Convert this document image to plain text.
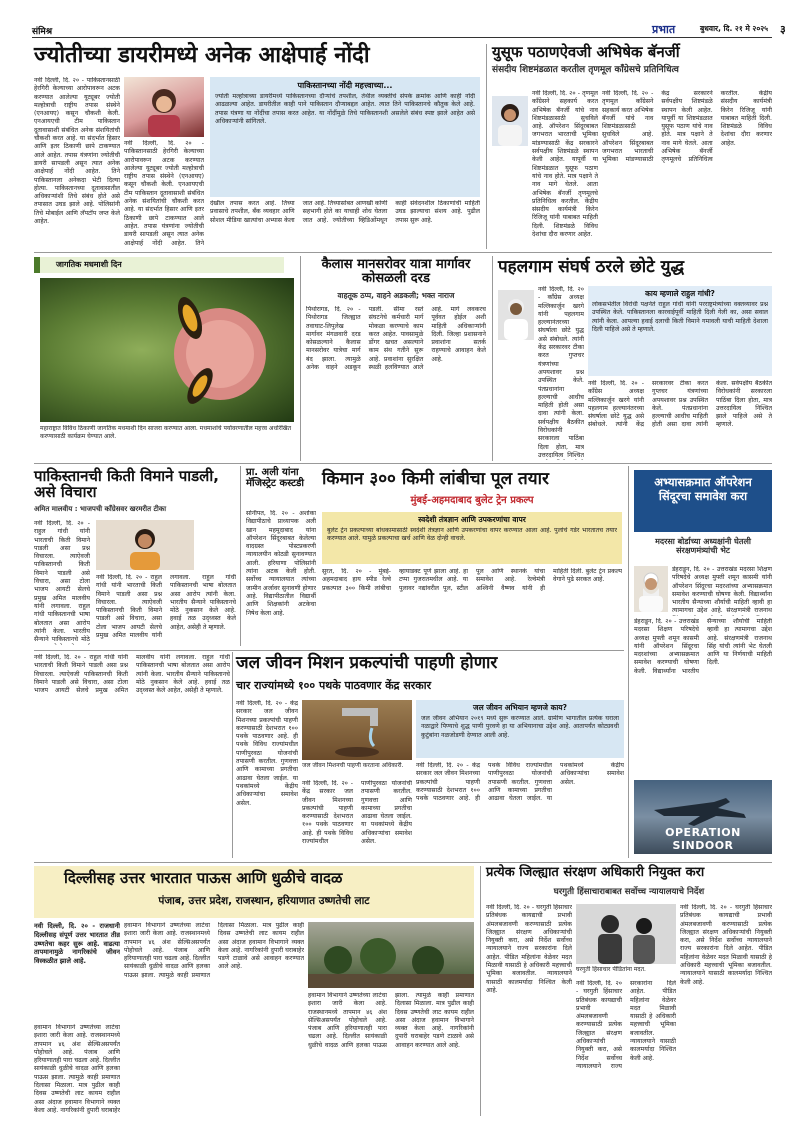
संमिश्र	प्रभात	बुधवार, दि. २१ मे २०२५ ३
ज्योतीच्या डायरीमध्ये अनेक आक्षेपार्ह नोंदी
नवी दिल्ली, दि. २० - पाकिस्तानसाठी हेरगिरी केल्याच्या आरोपावरून अटक करण्यात आलेल्या यूट्यूबर ज्योती मल्होत्राची राष्ट्रीय तपास संस्थेने (एनआयए) कसून चौकशी केली. एनआयएची टीम पाकिस्तान दूतावासाशी संबंधित अनेक संशयितांची चौकशी करत आहे. या संदर्भात हिसार आणि इतर ठिकाणी छापे टाकण्यात आले आहेत. तपास यंत्रणांना ज्योतीची डायरी सापडली असून त्यात अनेक आक्षेपार्ह नोंदी आहेत. तिने पाकिस्तानला अनेकदा भेटी दिल्या होत्या. पाकिस्तानच्या दूतावासातील अधिकाऱ्यांशी तिचे संबंध होते असे तपासात उघड झाले आहे. पोलिसांनी तिचे मोबाईल आणि लॅपटॉप जप्त केले आहेत.
नवी दिल्ली, दि. २० - पाकिस्तानसाठी हेरगिरी केल्याच्या आरोपावरून अटक करण्यात आलेल्या यूट्यूबर ज्योती मल्होत्राची राष्ट्रीय तपास संस्थेने (एनआयए) कसून चौकशी केली. एनआयएची टीम पाकिस्तान दूतावासाशी संबंधित अनेक संशयितांची चौकशी करत आहे. या संदर्भात हिसार आणि इतर ठिकाणी छापे टाकण्यात आले आहेत. तपास यंत्रणांना ज्योतीची डायरी सापडली असून त्यात अनेक आक्षेपार्ह नोंदी आहेत. तिने
पाकिस्तानच्या नोंदी महत्त्वाच्या...
ज्योती मल्होत्राच्या डायरीमध्ये पाकिस्तानच्या दौऱ्यांचे तपशील, तेथील व्यक्तींचे संपर्क क्रमांक आणि काही नोंदी आढळल्या आहेत. डायरीतील काही पाने पाकिस्तान दौऱ्याबद्दल आहेत. त्यात तिने पाकिस्तानचे कौतुक केले आहे. तपास यंत्रणा या नोंदींचा तपास करत आहेत. या नोंदींमुळे तिचे पाकिस्तानशी असलेले संबंध स्पष्ट झाले आहेत असे अधिकाऱ्यांनी सांगितले.
देखील तपास करत आहे. तिच्या प्रवासाचे तपशील, बँक व्यवहार आणि सोशल मीडिया खात्यांचा अभ्यास केला जात आहे. तिच्यासोबत आणखी कोणी सहभागी होते का याचाही शोध घेतला जात आहे. ज्योतीच्या व्हिडिओंमधून काही संवेदनशील ठिकाणांची माहिती उघड झाल्याचा संशय आहे. पुढील तपास सुरू आहे.
युसूफ पठाणऐवजी अभिषेक बॅनर्जी
संसदीय शिष्टमंडळात करतील तृणमूल काँग्रेसचे प्रतिनिधित्व
नवी दिल्ली, दि. २० - तृणमूल काँग्रेसने सहकार्य करत अभिषेक बॅनर्जी यांचे नाव शिष्टमंडळासाठी सुचविले आहे. ऑपरेशन सिंदूरबाबत जगभरात भारताची भूमिका मांडण्यासाठी केंद्र सरकारने सर्वपक्षीय शिष्टमंडळे स्थापन केली आहेत. यापूर्वी या शिष्टमंडळात युसूफ पठाण यांचे नाव होते. मात्र पक्षाने ते नाव मागे घेतले. आता अभिषेक बॅनर्जी तृणमूलचे प्रतिनिधित्व करतील. केंद्रीय संसदीय कार्यमंत्री किरेन रिजिजू यांनी याबाबत माहिती दिली. शिष्टमंडळे विविध देशांचा दौरा करणार आहेत.
नवी दिल्ली, दि. २० - तृणमूल काँग्रेसने सहकार्य करत अभिषेक बॅनर्जी यांचे नाव शिष्टमंडळासाठी सुचविले आहे. ऑपरेशन सिंदूरबाबत जगभरात भारताची भूमिका मांडण्यासाठी केंद्र सरकारने सर्वपक्षीय शिष्टमंडळे स्थापन केली आहेत. यापूर्वी या शिष्टमंडळात युसूफ पठाण यांचे नाव होते. मात्र पक्षाने ते नाव मागे घेतले. आता अभिषेक बॅनर्जी तृणमूलचे प्रतिनिधित्व करतील. केंद्रीय संसदीय कार्यमंत्री किरेन रिजिजू यांनी याबाबत माहिती दिली. शिष्टमंडळे विविध देशांचा दौरा करणार आहेत.
जागतिक मधमाशी दिन
महाराष्ट्रात विविध ठिकाणी जागतिक मधमाशी दिन साजरा करण्यात आला. मधमाशांचे पर्यावरणातील महत्त्व अधोरेखित करण्यासाठी कार्यक्रम घेण्यात आले.
कैलास मानसरोवर यात्रा मार्गावर कोसळली दरड
वाहतूक ठप्प, वाहने अडकली; भक्त नाराज
पिथोरागड, दि. २० - पिथोरागड जिल्ह्यात तवाघाट-लिपुलेख मार्गावर मंगळवारी दरड कोसळल्याने कैलास मानसरोवर यात्रेचा मार्ग बंद झाला. त्यामुळे अनेक वाहने अडकून पडली. सीमा रस्ते संघटनेचे कर्मचारी मार्ग मोकळा करण्याचे काम करत आहेत. पावसामुळे डोंगर खचत असल्याने काम संथ गतीने सुरू आहे. प्रवाशांना सुरक्षित स्थळी हलविण्यात आले आहे. मार्ग लवकरच पूर्ववत होईल अशी माहिती अधिकाऱ्यांनी दिली. जिल्हा प्रशासनाने प्रवाशांना सतर्क राहण्याचे आवाहन केले आहे.
पहलगाम संघर्ष ठरले छोटे युद्ध
नवी दिल्ली, दि. २० - काँग्रेस अध्यक्ष मल्लिकार्जुन खरगे यांनी पहलगाम हल्ल्यानंतरच्या संघर्षाला छोटे युद्ध असे संबोधले. त्यांनी केंद्र सरकारवर टीका करत गुप्तचर यंत्रणांच्या अपयशावर प्रश्न उपस्थित केले. पंतप्रधानांना हल्ल्याची आधीच माहिती होती असा दावा त्यांनी केला. सर्वपक्षीय बैठकीत विरोधकांनी सरकारला पाठिंबा दिला होता, मात्र उत्तरदायित्व निश्चित
काय म्हणाले राहुल गांधी?
लोकसभेतील विरोधी पक्षनेते राहुल गांधी यांनी परराष्ट्रमंत्र्यांच्या वक्तव्यावर प्रश्न उपस्थित केले. पाकिस्तानला कारवाईपूर्वी माहिती दिली गेली का, असा सवाल त्यांनी केला. आपल्या हवाई दलाची किती विमाने गमावली याची माहिती देशाला दिली पाहिजे असे ते म्हणाले.
नवी दिल्ली, दि. २० - काँग्रेस अध्यक्ष मल्लिकार्जुन खरगे यांनी पहलगाम हल्ल्यानंतरच्या संघर्षाला छोटे युद्ध असे संबोधले. त्यांनी केंद्र सरकारवर टीका करत गुप्तचर यंत्रणांच्या अपयशावर प्रश्न उपस्थित केले. पंतप्रधानांना हल्ल्याची आधीच माहिती होती असा दावा त्यांनी केला. सर्वपक्षीय बैठकीत विरोधकांनी सरकारला पाठिंबा दिला होता, मात्र उत्तरदायित्व निश्चित झाले पाहिजे असे ते म्हणाले.
पाकिस्तानची किती विमाने पाडली, असे विचारा
अमित मालवीय : भाजपची काँग्रेसवर खरमरीत टीका
नवी दिल्ली, दि. २० - राहुल गांधी यांनी भारताची किती विमाने पाडली असा प्रश्न विचारला. त्याऐवजी पाकिस्तानची किती विमाने पाडली असे विचारा, असा टोला भाजप आयटी सेलचे प्रमुख अमित मालवीय यांनी लगावला. राहुल गांधी पाकिस्तानची भाषा बोलतात असा आरोप त्यांनी केला. भारतीय सैन्याने पाकिस्तानचे मोठे
नवी दिल्ली, दि. २० - राहुल गांधी यांनी भारताची किती विमाने पाडली असा प्रश्न विचारला. त्याऐवजी पाकिस्तानची किती विमाने पाडली असे विचारा, असा टोला भाजप आयटी सेलचे प्रमुख अमित मालवीय यांनी लगावला. राहुल गांधी पाकिस्तानची भाषा बोलतात असा आरोप त्यांनी केला. भारतीय सैन्याने पाकिस्तानचे मोठे नुकसान केले आहे. हवाई तळ उद्ध्वस्त केले आहेत, असेही ते म्हणाले.
प्रा. अली यांना मॅजिस्ट्रेट कस्टडी
सोनीपत, दि. २० - अशोका विद्यापीठाचे प्राध्यापक अली खान महमूदाबाद यांना ऑपरेशन सिंदूरबाबत केलेल्या वादग्रस्त पोस्टप्रकरणी न्यायालयीन कोठडी सुनावण्यात आली. हरियाणा पोलिसांनी त्यांना अटक केली होती. सर्वोच्च न्यायालयात त्यांच्या जामीन अर्जावर सुनावणी होणार आहे. विद्यापीठातील विद्यार्थी आणि शिक्षकांनी अटकेचा निषेध केला आहे.
किमान ३०० किमी लांबीचा पूल तयार
मुंबई-अहमदाबाद बुलेट ट्रेन प्रकल्प
स्वदेशी तंत्रज्ञान आणि उपकरणांचा वापर
बुलेट ट्रेन प्रकल्पाच्या बांधकामासाठी स्वदेशी तंत्रज्ञान आणि उपकरणांचा वापर करण्यात आला आहे. पुलांचे गर्डर भारतातच तयार करण्यात आले. यामुळे प्रकल्पाचा खर्च आणि वेळ दोन्ही वाचले.
सुरत, दि. २० - मुंबई-अहमदाबाद हाय स्पीड रेल्वे प्रकल्पात ३०० किमी लांबीचा व्हायाडक्ट पूर्ण झाला आहे. हा टप्पा गुजरातमधील आहे. या पुलावर नद्यांवरील पूल, स्टील पूल आणि स्थानके यांचा समावेश आहे. रेल्वेमंत्री अश्विनी वैष्णव यांनी ही माहिती दिली. बुलेट ट्रेन प्रकल्प वेगाने पुढे सरकत आहे.
अभ्यासक्रमात ऑपरेशन सिंदूरचा समावेश करा
मदरसा बोर्डाच्या अध्यक्षांनी घेतली संरक्षणमंत्र्यांची भेट
डेहराडून, दि. २० - उत्तराखंड मदरसा शिक्षण परिषदेचे अध्यक्ष मुफ्ती शमून कासमी यांनी ऑपरेशन सिंदूरचा मदरशांच्या अभ्यासक्रमात समावेश करण्याची घोषणा केली. विद्यार्थ्यांना भारतीय सैन्याच्या शौर्याची माहिती व्हावी हा त्यामागचा उद्देश आहे. संरक्षणमंत्री राजनाथ
डेहराडून, दि. २० - उत्तराखंड मदरसा शिक्षण परिषदेचे अध्यक्ष मुफ्ती शमून कासमी यांनी ऑपरेशन सिंदूरचा मदरशांच्या अभ्यासक्रमात समावेश करण्याची घोषणा केली. विद्यार्थ्यांना भारतीय सैन्याच्या शौर्याची माहिती व्हावी हा त्यामागचा उद्देश आहे. संरक्षणमंत्री राजनाथ सिंह यांची त्यांनी भेट घेतली आणि या निर्णयाची माहिती दिली.
OPERATION SINDOOR
जल जीवन मिशन प्रकल्पांची पाहणी होणार
चार राज्यांमध्ये १०० पथके पाठवणार केंद्र सरकार
नवी दिल्ली, दि. २० - केंद्र सरकार जल जीवन मिशनच्या प्रकल्पांची पाहणी करण्यासाठी देशभरात १०० पथके पाठवणार आहे. ही पथके विविध राज्यांमधील पाणीपुरवठा योजनांची तपासणी करतील. गुणवत्ता आणि कामाच्या प्रगतीचा आढावा घेतला जाईल. या पथकांमध्ये केंद्रीय अधिकाऱ्यांचा समावेश असेल.
जल जीवन मिशनची पाहणी करताना अधिकारी.
नवी दिल्ली, दि. २० - केंद्र सरकार जल जीवन मिशनच्या प्रकल्पांची पाहणी करण्यासाठी देशभरात १०० पथके पाठवणार आहे. ही पथके विविध राज्यांमधील पाणीपुरवठा योजनांची तपासणी करतील. गुणवत्ता आणि कामाच्या प्रगतीचा आढावा घेतला जाईल. या पथकांमध्ये केंद्रीय अधिकाऱ्यांचा समावेश असेल.
जल जीवन अभियान म्हणजे काय?
जल जीवन अभियान २०१९ मध्ये सुरू करण्यात आले. ग्रामीण भागातील प्रत्येक घराला नळाद्वारे पिण्याचे शुद्ध पाणी पुरवणे हा या अभियानाचा उद्देश आहे. आतापर्यंत कोट्यवधी कुटुंबांना नळजोडणी देण्यात आली आहे.
नवी दिल्ली, दि. २० - केंद्र सरकार जल जीवन मिशनच्या प्रकल्पांची पाहणी करण्यासाठी देशभरात १०० पथके पाठवणार आहे. ही पथके विविध राज्यांमधील पाणीपुरवठा योजनांची तपासणी करतील. गुणवत्ता आणि कामाच्या प्रगतीचा आढावा घेतला जाईल. या पथकांमध्ये केंद्रीय अधिकाऱ्यांचा समावेश असेल.
नवी दिल्ली, दि. २० - राहुल गांधी यांनी भारताची किती विमाने पाडली असा प्रश्न विचारला. त्याऐवजी पाकिस्तानची किती विमाने पाडली असे विचारा, असा टोला भाजप आयटी सेलचे प्रमुख अमित मालवीय यांनी लगावला. राहुल गांधी पाकिस्तानची भाषा बोलतात असा आरोप त्यांनी केला. भारतीय सैन्याने पाकिस्तानचे मोठे नुकसान केले आहे. हवाई तळ उद्ध्वस्त केले आहेत, असेही ते म्हणाले.
दिल्लीसह उत्तर भारतात पाऊस आणि धुळीचे वादळ
पंजाब, उत्तर प्रदेश, राजस्थान, हरियाणात उष्णतेची लाट
नवी दिल्ली, दि. २० - राजधानी दिल्लीसह संपूर्ण उत्तर भारतात तीव्र उष्णतेचा कहर सुरू आहे. वाढत्या तापमानामुळे नागरिकांचे जीवन विस्कळीत झाले आहे.
हवामान विभागाने उष्णतेच्या लाटेचा इशारा जारी केला आहे. राजस्थानमध्ये तापमान ४६ अंश सेल्सिअसपर्यंत पोहोचले आहे. पंजाब आणि हरियाणातही पारा चढला आहे. दिल्लीत सायंकाळी धुळीचे वादळ आणि हलका पाऊस झाला. त्यामुळे काही प्रमाणात दिलासा मिळाला. मात्र पुढील काही दिवस उष्णतेची लाट कायम राहील असा अंदाज हवामान विभागाने व्यक्त केला आहे. नागरिकांनी दुपारी घराबाहेर
हवामान विभागाने उष्णतेच्या लाटेचा इशारा जारी केला आहे. राजस्थानमध्ये तापमान ४६ अंश सेल्सिअसपर्यंत पोहोचले आहे. पंजाब आणि हरियाणातही पारा चढला आहे. दिल्लीत सायंकाळी धुळीचे वादळ आणि हलका पाऊस झाला. त्यामुळे काही प्रमाणात दिलासा मिळाला. मात्र पुढील काही दिवस उष्णतेची लाट कायम राहील असा अंदाज हवामान विभागाने व्यक्त केला आहे. नागरिकांनी दुपारी घराबाहेर पडणे टाळावे असे आवाहन करण्यात आले आहे.
हवामान विभागाने उष्णतेच्या लाटेचा इशारा जारी केला आहे. राजस्थानमध्ये तापमान ४६ अंश सेल्सिअसपर्यंत पोहोचले आहे. पंजाब आणि हरियाणातही पारा चढला आहे. दिल्लीत सायंकाळी धुळीचे वादळ आणि हलका पाऊस झाला. त्यामुळे काही प्रमाणात दिलासा मिळाला. मात्र पुढील काही दिवस उष्णतेची लाट कायम राहील असा अंदाज हवामान विभागाने व्यक्त केला आहे. नागरिकांनी दुपारी घराबाहेर पडणे टाळावे असे आवाहन करण्यात आले आहे.
प्रत्येक जिल्ह्यात संरक्षण अधिकारी नियुक्त करा
घरगुती हिंसाचाराबाबत सर्वोच्च न्यायालयाचे निर्देश
नवी दिल्ली, दि. २० - घरगुती हिंसाचार प्रतिबंधक कायद्याची प्रभावी अंमलबजावणी करण्यासाठी प्रत्येक जिल्ह्यात संरक्षण अधिकाऱ्यांची नियुक्ती करा, असे निर्देश सर्वोच्च न्यायालयाने राज्य सरकारांना दिले आहेत. पीडित महिलांना वेळेवर मदत मिळावी यासाठी हे अधिकारी महत्त्वाची भूमिका बजावतील. न्यायालयाने यासाठी कालमर्यादा निश्चित केली आहे.
घरगुती हिंसाचार पीडितांना मदत.
नवी दिल्ली, दि. २० - घरगुती हिंसाचार प्रतिबंधक कायद्याची प्रभावी अंमलबजावणी करण्यासाठी प्रत्येक जिल्ह्यात संरक्षण अधिकाऱ्यांची नियुक्ती करा, असे निर्देश सर्वोच्च न्यायालयाने राज्य सरकारांना दिले आहेत. पीडित महिलांना वेळेवर मदत मिळावी यासाठी हे अधिकारी महत्त्वाची भूमिका बजावतील. न्यायालयाने यासाठी कालमर्यादा निश्चित केली आहे.
नवी दिल्ली, दि. २० - घरगुती हिंसाचार प्रतिबंधक कायद्याची प्रभावी अंमलबजावणी करण्यासाठी प्रत्येक जिल्ह्यात संरक्षण अधिकाऱ्यांची नियुक्ती करा, असे निर्देश सर्वोच्च न्यायालयाने राज्य सरकारांना दिले आहेत. पीडित महिलांना वेळेवर मदत मिळावी यासाठी हे अधिकारी महत्त्वाची भूमिका बजावतील. न्यायालयाने यासाठी कालमर्यादा निश्चित केली आहे.
